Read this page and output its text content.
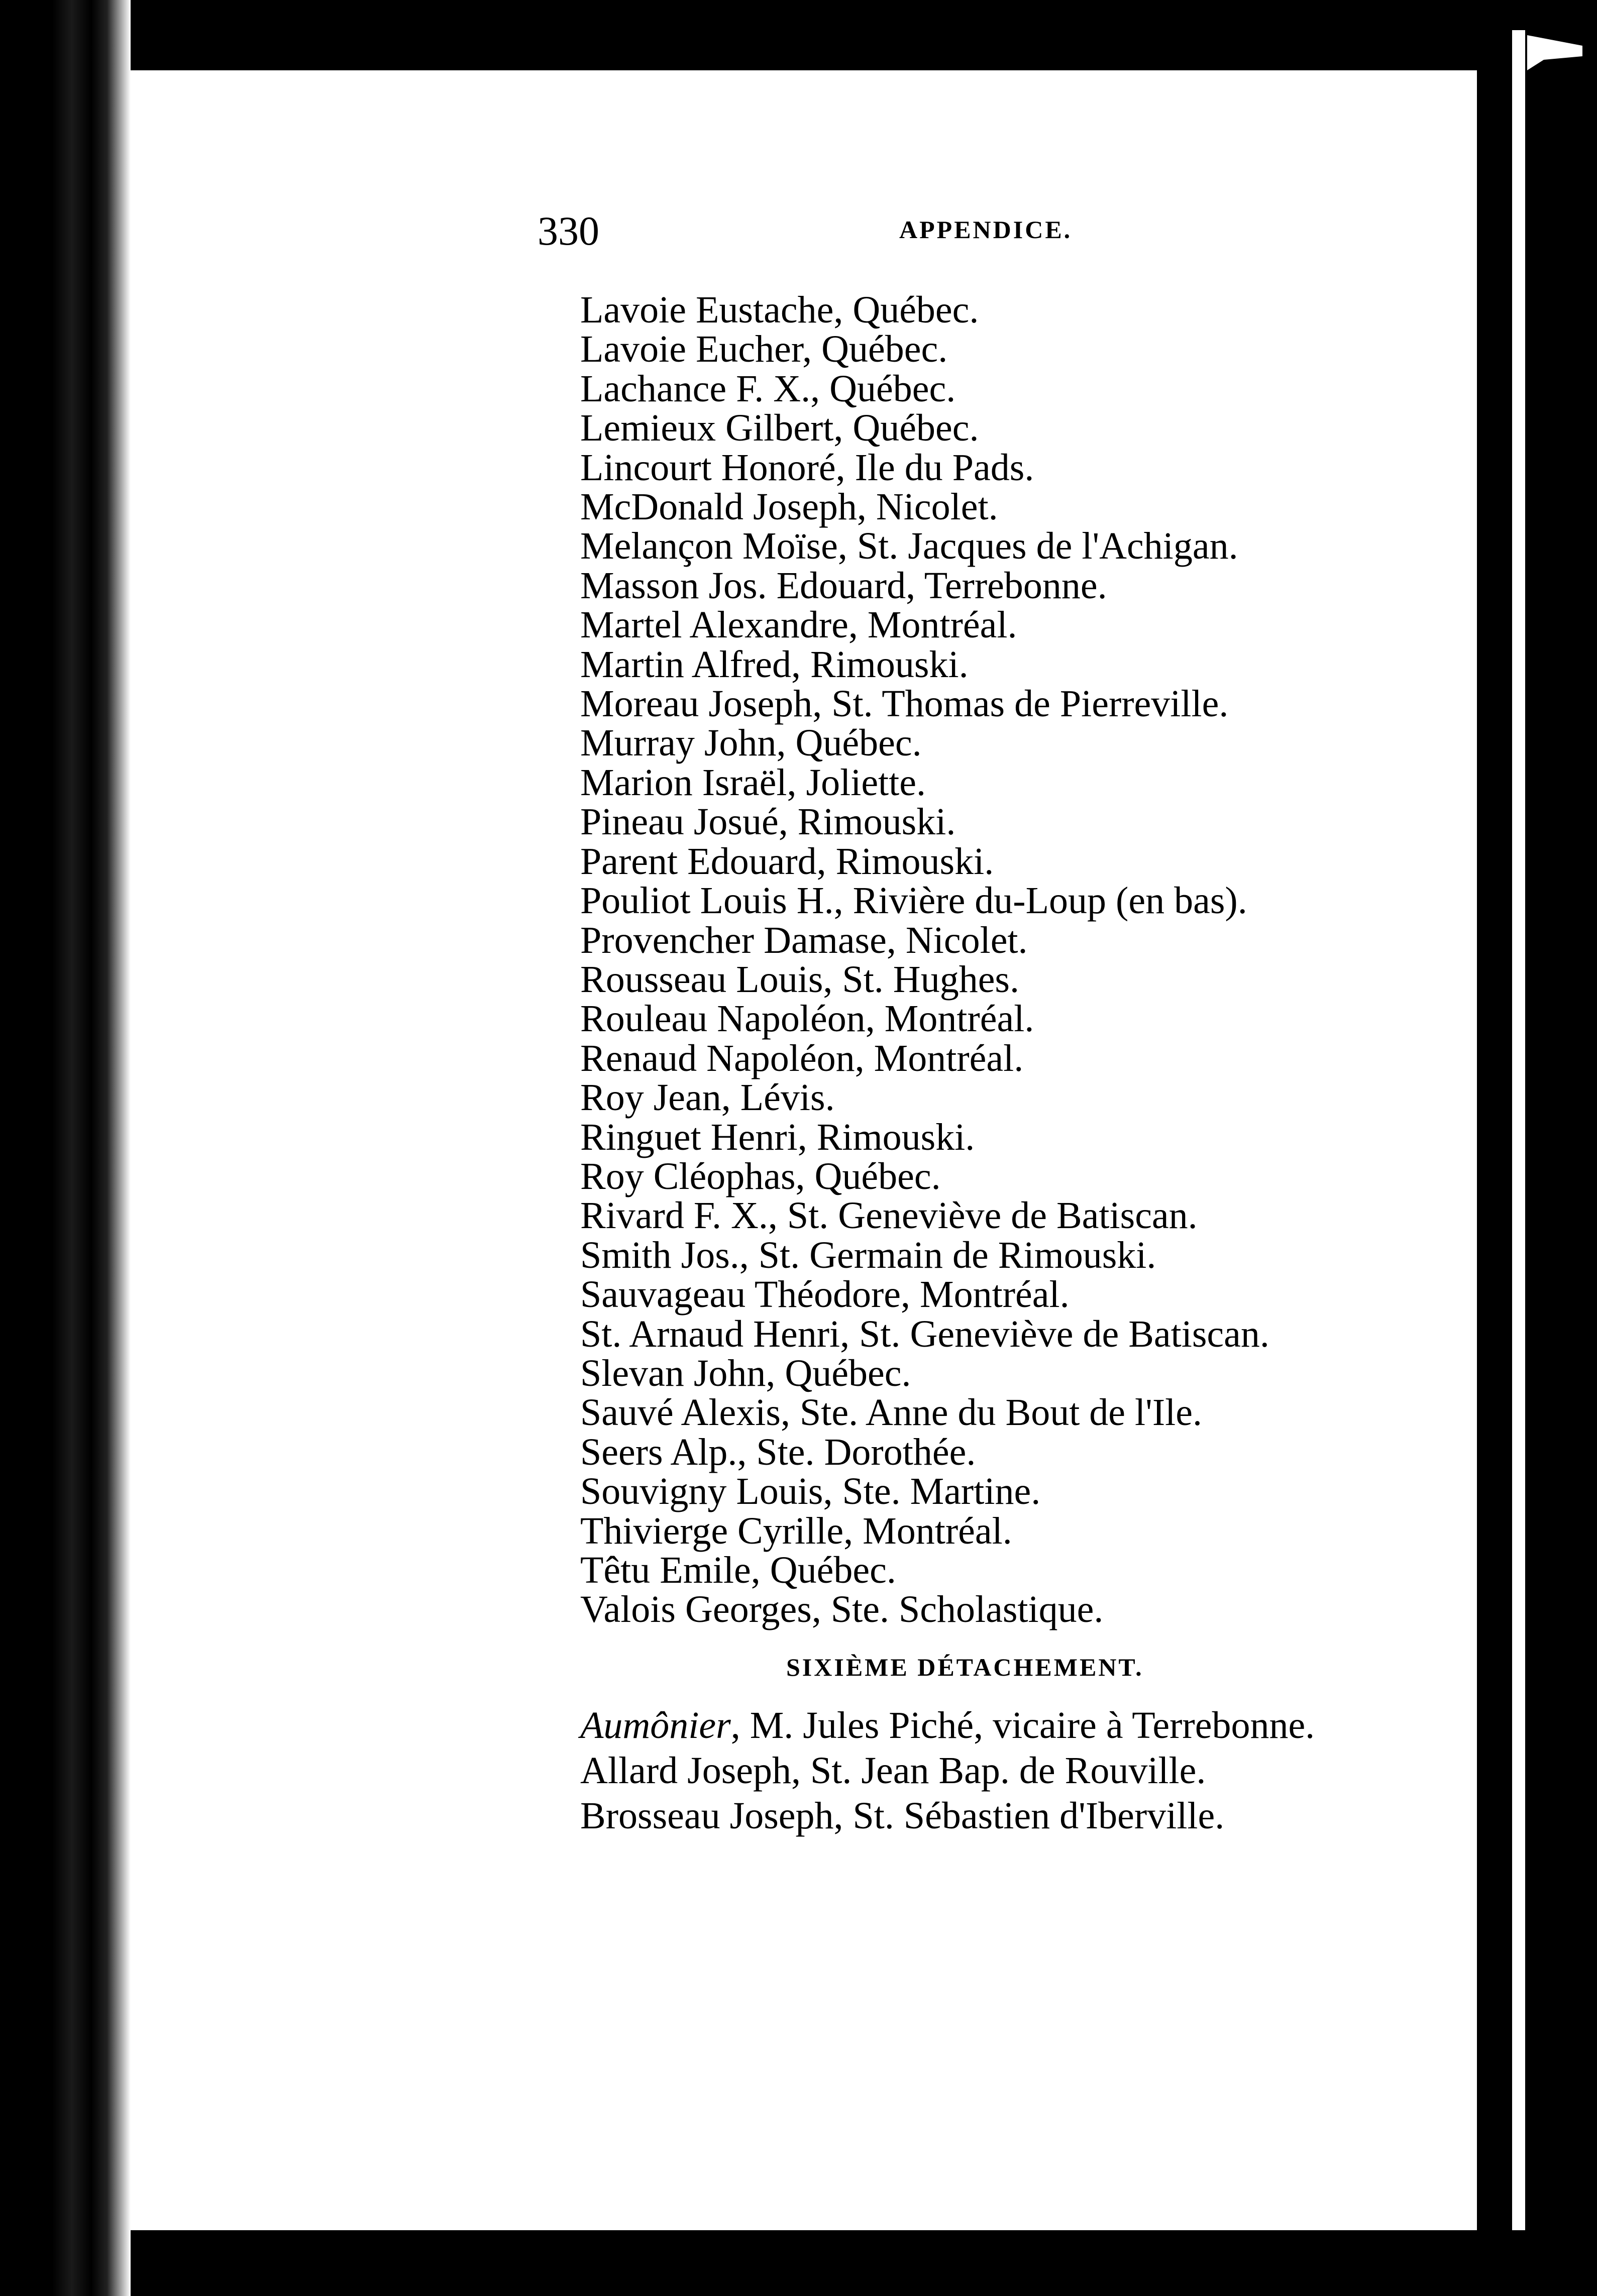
330	APPENDICE.
Lavoie Eustache, Québec.
Lavoie Eucher, Québec.
Lachance F. X., Québec.
Lemieux Gilbert, Québec.
Lincourt Honoré, Ile du Pads.
McDonald Joseph, Nicolet.
Melançon Moïse, St. Jacques de l'Achigan.
Masson Jos. Edouard, Terrebonne.
Martel Alexandre, Montréal.
Martin Alfred, Rimouski.
Moreau Joseph, St. Thomas de Pierreville.
Murray John, Québec.
Marion Israël, Joliette.
Pineau Josué, Rimouski.
Parent Edouard, Rimouski.
Pouliot Louis H., Rivière du-Loup (en bas).
Provencher Damase, Nicolet.
Rousseau Louis, St. Hughes.
Rouleau Napoléon, Montréal.
Renaud Napoléon, Montréal.
Roy Jean, Lévis.
Ringuet Henri, Rimouski.
Roy Cléophas, Québec.
Rivard F. X., St. Geneviève de Batiscan.
Smith Jos., St. Germain de Rimouski.
Sauvageau Théodore, Montréal.
St. Arnaud Henri, St. Geneviève de Batiscan.
Slevan John, Québec.
Sauvé Alexis, Ste. Anne du Bout de l'Ile.
Seers Alp., Ste. Dorothée.
Souvigny Louis, Ste. Martine.
Thivierge Cyrille, Montréal.
Têtu Emile, Québec.
Valois Georges, Ste. Scholastique.
SIXIÈME DÉTACHEMENT.
Aumônier, M. Jules Piché, vicaire à Terrebonne.
Allard Joseph, St. Jean Bap. de Rouville.
Brosseau Joseph, St. Sébastien d'Iberville.
